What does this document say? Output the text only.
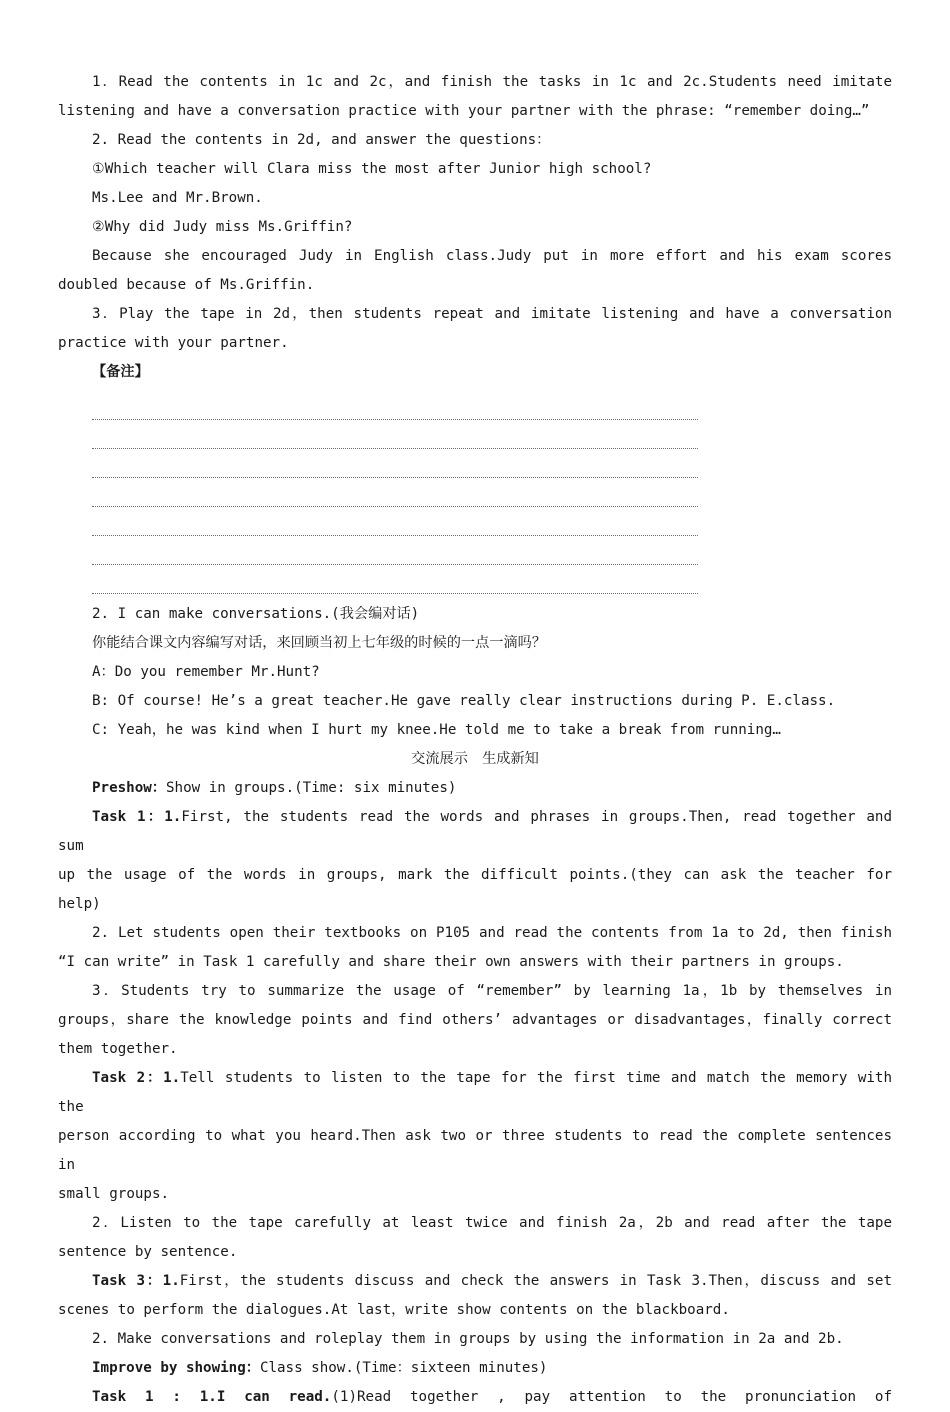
1．Read the contents in 1c and 2c，and finish the tasks in 1c and 2c.Students need imitate

listening and have a conversation practice with your partner with the phrase: “remember doing…”

2. Read the contents in 2d, and answer the questions：

①Which teacher will Clara miss the most after Junior high school?

Ms.Lee and Mr.Brown.

②Why did Judy miss Ms.Griffin?

Because she encouraged Judy in English class.Judy put in more effort and his exam scores

doubled because of Ms.Griffin.

3．Play the tape in 2d，then students repeat and imitate listening and have a conversation

practice with your partner.

【备注】

2. I can make conversations.(我会编对话)

你能结合课文内容编写对话，来回顾当初上七年级的时候的一点一滴吗？

A：Do you remember Mr.Hunt?

B: Of course! He’s a great teacher.He gave really clear instructions during P. E.class.

C: Yeah，he was kind when I hurt my knee.He told me to take a break from running…

交流展示　生成新知

Preshow：Show in groups.(Time: six minutes)

Task 1：1.First, the students read the words and phrases in groups.Then, read together and sum

up the usage of the words in groups, mark the difficult points.(they can ask the teacher for help)

2. Let students open their textbooks on P105 and read the contents from 1a to 2d, then finish

“I can write” in Task 1 carefully and share their own answers with their partners in groups.

3．Students try to summarize the usage of “remember” by learning 1a，1b by themselves in

groups，share the knowledge points and find others’ advantages or disadvantages，finally correct

them together.

Task 2：1.Tell students to listen to the tape for the first time and match the memory with the

person according to what you heard.Then ask two or three students to read the complete sentences in

small groups.

2．Listen to the tape carefully at least twice and finish 2a，2b and read after the tape

sentence by sentence.

Task 3：1.First，the students discuss and check the answers in Task 3.Then，discuss and set

scenes to perform the dialogues.At last，write show contents on the blackboard.

2. Make conversations and roleplay them in groups by using the information in 2a and 2b.

Improve by showing：Class show.(Time：sixteen minutes)

Task 1 : 1.I can read.(1)Read together , pay attention to the pronunciation of
